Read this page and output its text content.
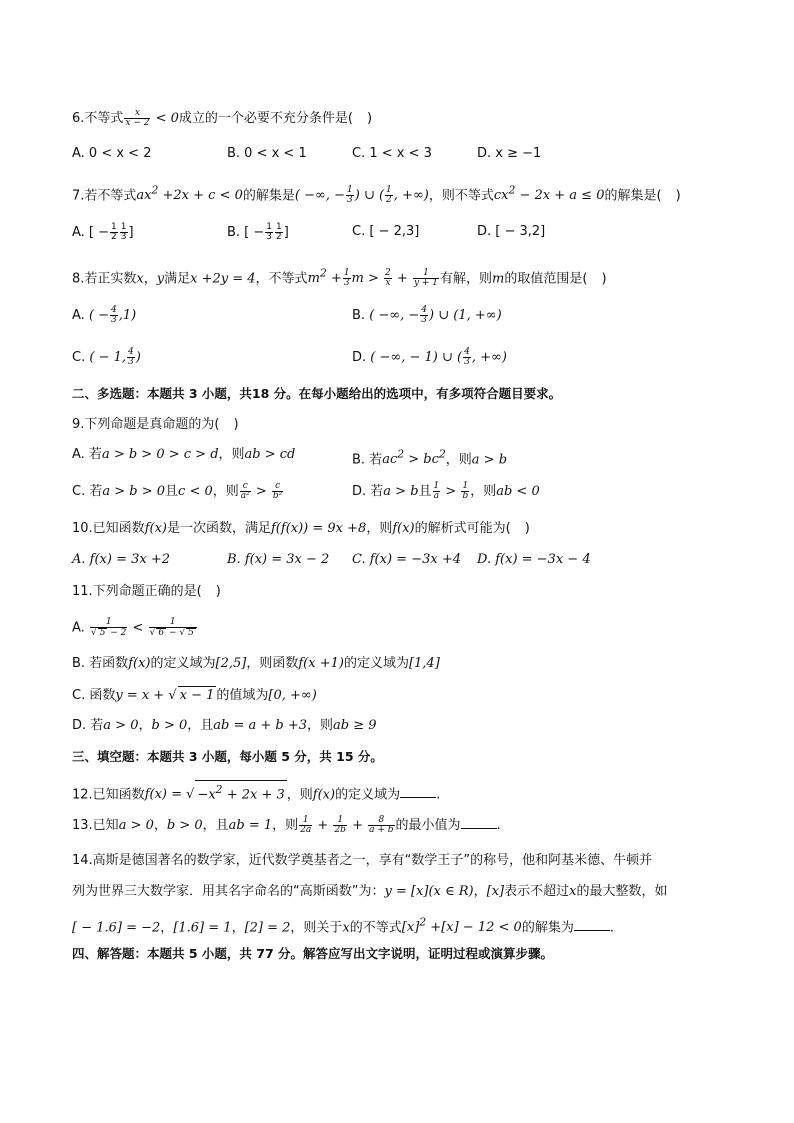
6.不等式 $\frac{x}{x - 2} < 0$成立的一个必要不充分条件是( )
A. 0 < x < 2	B. 0 < x < 1	C. 1 < x < 3	D. x ≥ −1
7.若不等式$ax^2 +2x + c < 0$的解集是( −∞, − $\frac{1}{3}$ ) ∪ ( $\frac{1}{2}$ , +∞)，则不等式$cx^2 - 2x + a \le 0$的解集是( )
A. [ − $\frac{1}{2} \frac{1}{3}$ ]	B. [ − $\frac{1}{3} \frac{1}{2}$ ]	C. [ − 2,3]	D. [ − 3,2]
8.若正实数x，y满足x +2y = 4，不等式$m^2 + \frac{1}{3}$ $m > \frac{2}{x} + \frac{1}{y + 1}$ 有解，则m的取值范围是( )
A. ( − $\frac{4}{3} ,1$)	B. ( −∞, − $\frac{4}{3}$ ) ∪ (1, +∞)
C. ( − 1, $\frac{4}{3}$ )	D. ( −∞, − 1) ∪ ( $\frac{4}{3}$ , +∞)
二、多选题：本题共 3 小题，共18 分。在每小题给出的选项中，有多项符合题目要求。
9.下列命题是真命题的为( )
A. 若a > b > 0 > c > d，则ab > cd	B. 若$ac^2 > bc^2$，则a > b
C. 若a > b > 0且c < 0，则 $\frac{c}{\text{a²}} > \frac{c}{\text{b²}}$	D. 若a > b且 $\frac{1}{a} > \frac{1}{b}$ ，则ab < 0
10.已知函数f(x)是一次函数，满足f(f(x)) = 9x +8，则f(x)的解析式可能为( )
A. f(x) = 3x +2	B. f(x) = 3x − 2 C. f(x) = −3x +4 D. f(x) = −3x − 4
11.下列命题正确的是( )
A. $\frac{1}{√ 5 - 2} < \frac{1}{√ 6 - √ 5}$
B. 若函数f(x)的定义域为[2,5]，则函数f(x +1)的定义域为[1,4]
C. 函数y = x + √ x − 1 的值域为[0, +∞)
D. 若a > 0，b > 0，且ab = a + b +3，则ab ≥ 9
三、填空题：本题共 3 小题，每小题 5 分，共 15 分。
12.已知函数f(x) = √ $-x^2 + 2x + 3$ ，则f(x)的定义域为	.
13.已知a > 0，b > 0，且ab = 1，则 $\frac{1}{2a} + \frac{1}{2b} + \frac{8}{a + b}$ 的最小值为	.
14.高斯是德国著名的数学家，近代数学奠基者之一，享有“数学王子”的称号，他和阿基米德、牛顿并
列为世界三大数学家．用其名字命名的“高斯函数”为：y = [x](x ∈ R)，[x]表示不超过x的最大整数，如
[ − 1.6] = −2，[1.6] = 1，[2] = 2，则关于x的不等式$[x]^2 +[x] - 12 < 0$的解集为	.
四、解答题：本题共 5 小题，共 77 分。解答应写出文字说明，证明过程或演算步骤。
